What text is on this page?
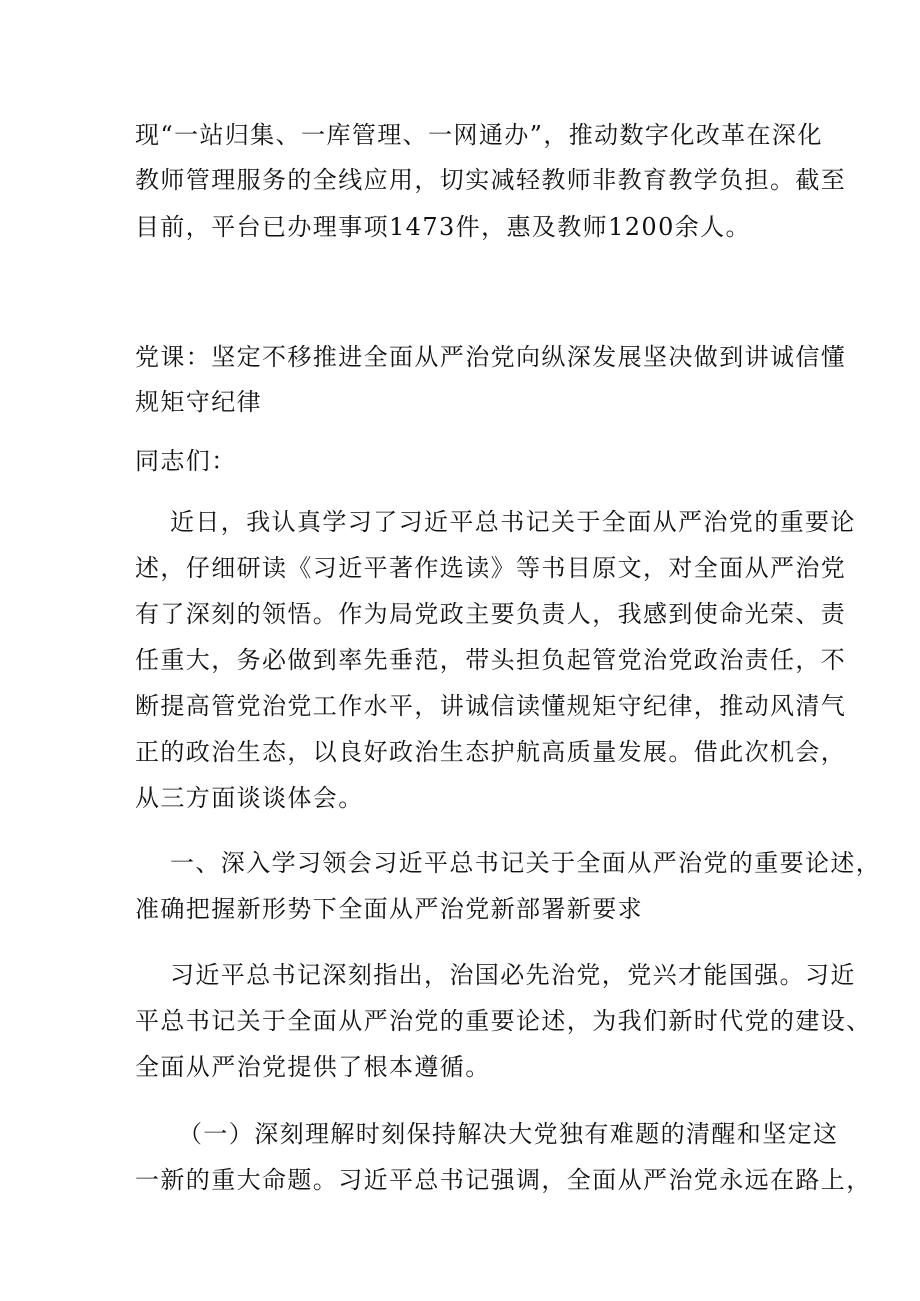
现“一站归集、一库管理、一网通办”，推动数字化改革在深化

教师管理服务的全线应用，切实减轻教师非教育教学负担。截至

目前，平台已办理事项1473件，惠及教师1200余人。

党课：坚定不移推进全面从严治党向纵深发展坚决做到讲诚信懂

规矩守纪律

同志们：

近日，我认真学习了习近平总书记关于全面从严治党的重要论

述，仔细研读《习近平著作选读》等书目原文，对全面从严治党

有了深刻的领悟。作为局党政主要负责人，我感到使命光荣、责

任重大，务必做到率先垂范，带头担负起管党治党政治责任，不

断提高管党治党工作水平，讲诚信读懂规矩守纪律，推动风清气

正的政治生态，以良好政治生态护航高质量发展。借此次机会，

从三方面谈谈体会。

一、深入学习领会习近平总书记关于全面从严治党的重要论述，

准确把握新形势下全面从严治党新部署新要求

习近平总书记深刻指出，治国必先治党，党兴才能国强。习近

平总书记关于全面从严治党的重要论述，为我们新时代党的建设、

全面从严治党提供了根本遵循。

（一）深刻理解时刻保持解决大党独有难题的清醒和坚定这

一新的重大命题。习近平总书记强调，全面从严治党永远在路上，
